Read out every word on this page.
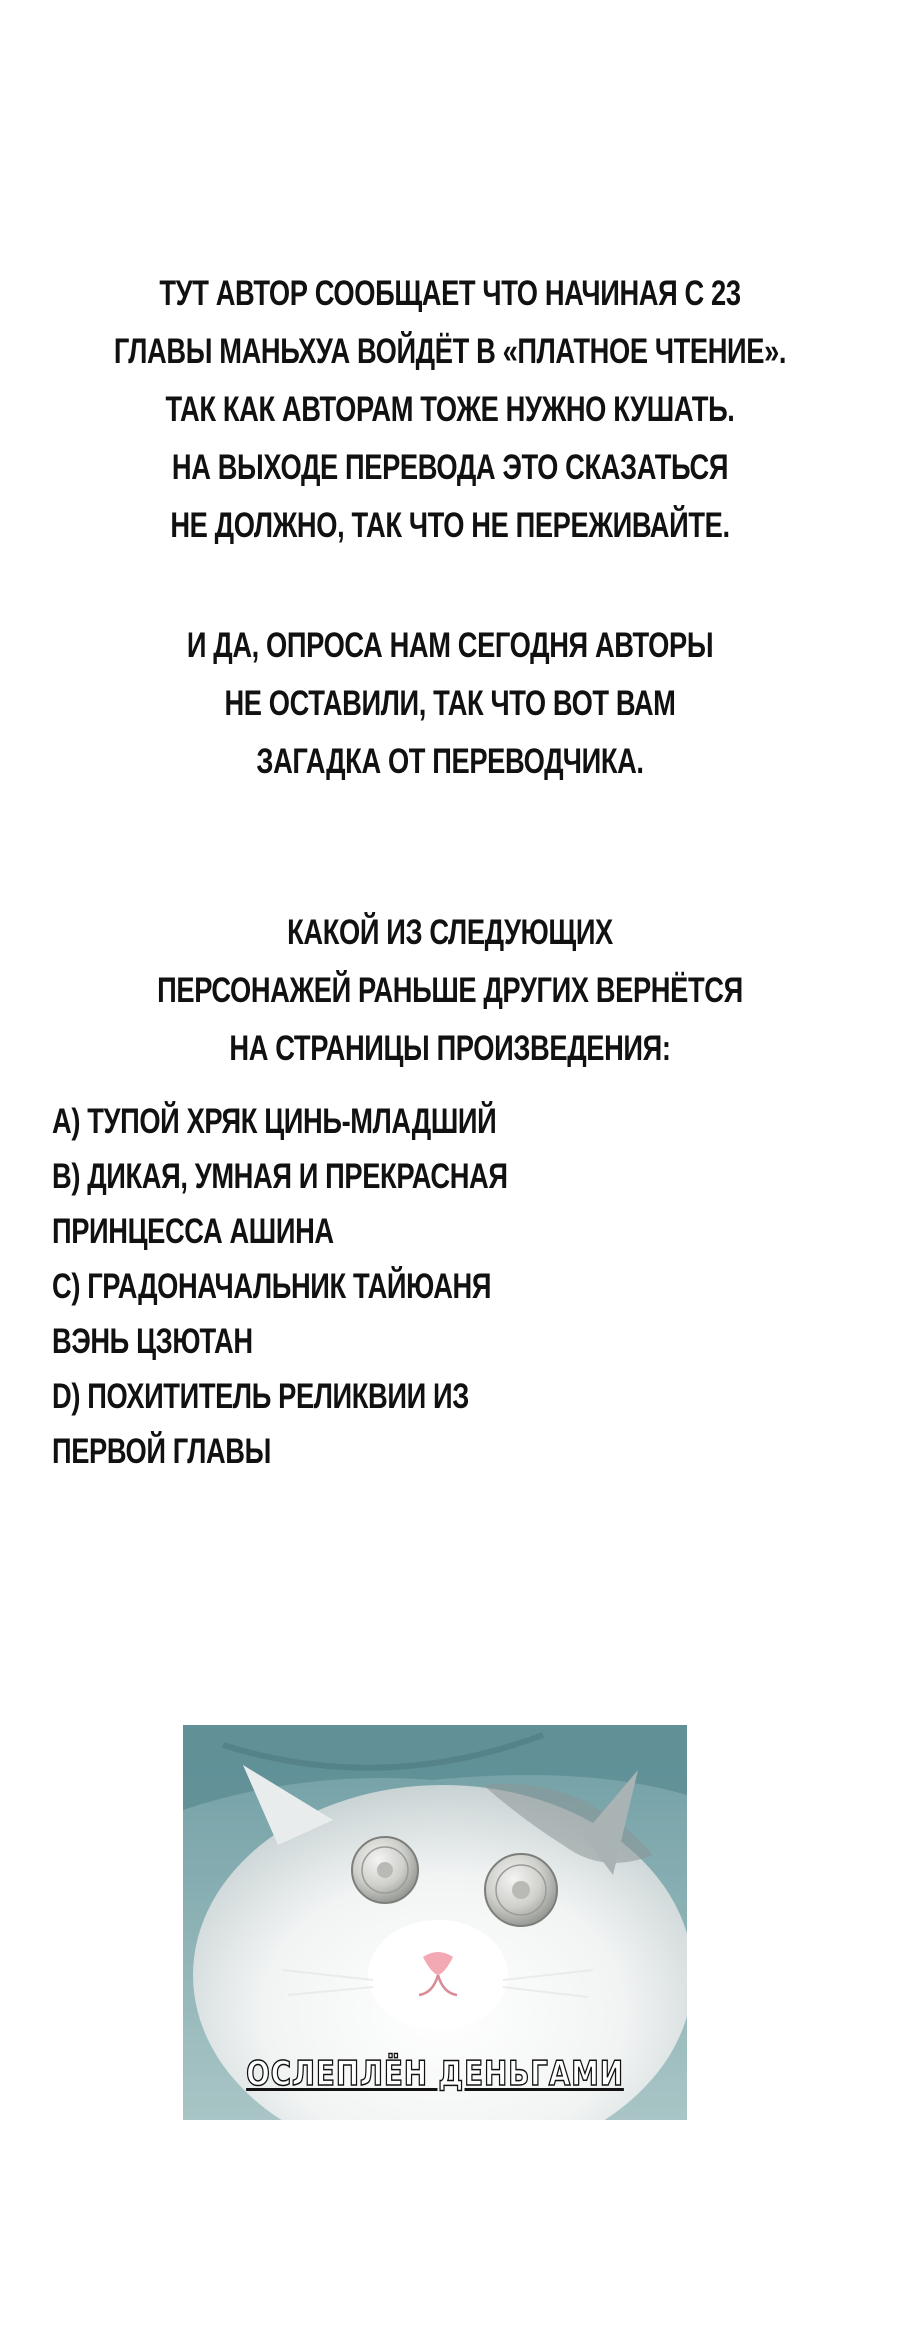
ТУТ АВТОР СООБЩАЕТ ЧТО НАЧИНАЯ С 23
ГЛАВЫ МАНЬХУА ВОЙДЁТ В «ПЛАТНОЕ ЧТЕНИЕ».
ТАК КАК АВТОРАМ ТОЖЕ НУЖНО КУШАТЬ.
НА ВЫХОДЕ ПЕРЕВОДА ЭТО СКАЗАТЬСЯ
НЕ ДОЛЖНО, ТАК ЧТО НЕ ПЕРЕЖИВАЙТЕ.
И ДА, ОПРОСА НАМ СЕГОДНЯ АВТОРЫ
НЕ ОСТАВИЛИ, ТАК ЧТО ВОТ ВАМ
ЗАГАДКА ОТ ПЕРЕВОДЧИКА.
КАКОЙ ИЗ СЛЕДУЮЩИХ
ПЕРСОНАЖЕЙ РАНЬШЕ ДРУГИХ ВЕРНЁТСЯ
НА СТРАНИЦЫ ПРОИЗВЕДЕНИЯ:
A) ТУПОЙ ХРЯК ЦИНЬ-МЛАДШИЙ
B) ДИКАЯ, УМНАЯ И ПРЕКРАСНАЯ
ПРИНЦЕССА АШИНА
C) ГРАДОНАЧАЛЬНИК ТАЙЮАНЯ
ВЭНЬ ЦЗЮТАН
D) ПОХИТИТЕЛЬ РЕЛИКВИИ ИЗ
ПЕРВОЙ ГЛАВЫ
ОСЛЕПЛЁН ДЕНЬГАМИ
